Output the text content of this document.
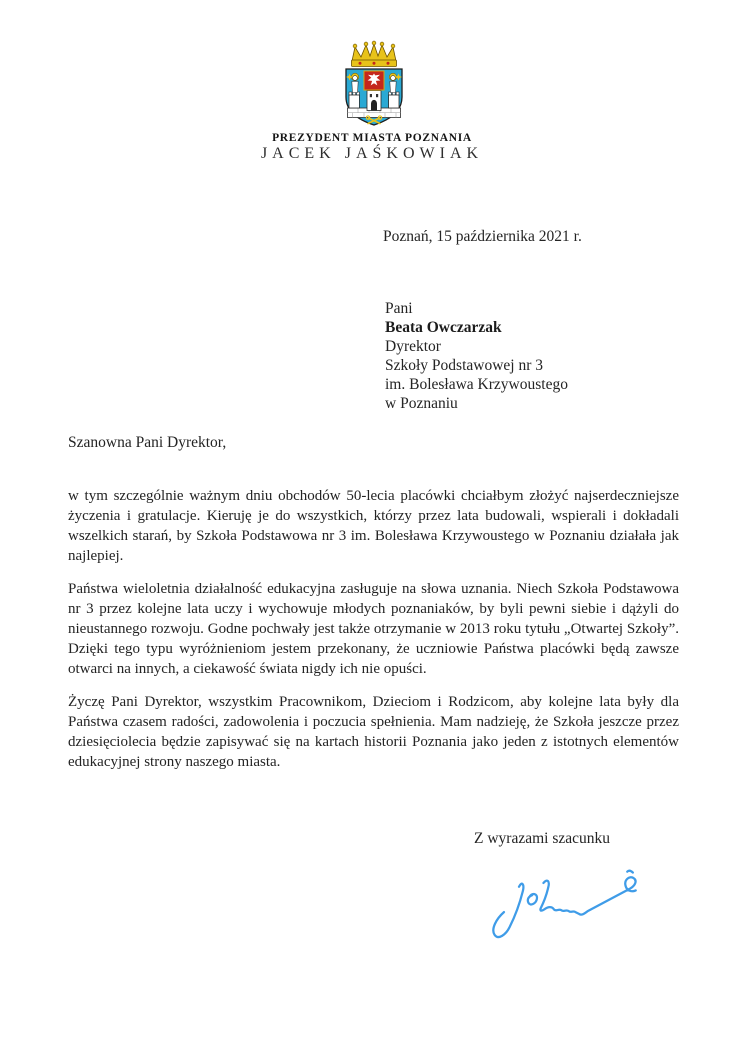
PREZYDENT MIASTA POZNANIA
JACEK JAŚKOWIAK
Poznań, 15 października 2021 r.
Pani
Beata Owczarzak
Dyrektor
Szkoły Podstawowej nr 3
im. Bolesława Krzywoustego
w Poznaniu
Szanowna Pani Dyrektor,

w tym szczególnie ważnym dniu obchodów 50-lecia placówki chciałbym złożyć najserdeczniejsze życzenia i gratulacje. Kieruję je do wszystkich, którzy przez lata budowali, wspierali i dokładali wszelkich starań, by Szkoła Podstawowa nr 3 im. Bolesława Krzywoustego w Poznaniu działała jak najlepiej.

Państwa wieloletnia działalność edukacyjna zasługuje na słowa uznania. Niech Szkoła Podstawowa nr 3 przez kolejne lata uczy i wychowuje młodych poznaniaków, by byli pewni siebie i dążyli do nieustannego rozwoju. Godne pochwały jest także otrzymanie w 2013 roku tytułu „Otwartej Szkoły”. Dzięki tego typu wyróżnieniom jestem przekonany, że uczniowie Państwa placówki będą zawsze otwarci na innych, a ciekawość świata nigdy ich nie opuści.

Życzę Pani Dyrektor, wszystkim Pracownikom, Dzieciom i Rodzicom, aby kolejne lata były dla Państwa czasem radości, zadowolenia i poczucia spełnienia. Mam nadzieję, że Szkoła jeszcze przez dziesięciolecia będzie zapisywać się na kartach historii Poznania jako jeden z istotnych elementów edukacyjnej strony naszego miasta.

Z wyrazami szacunku
